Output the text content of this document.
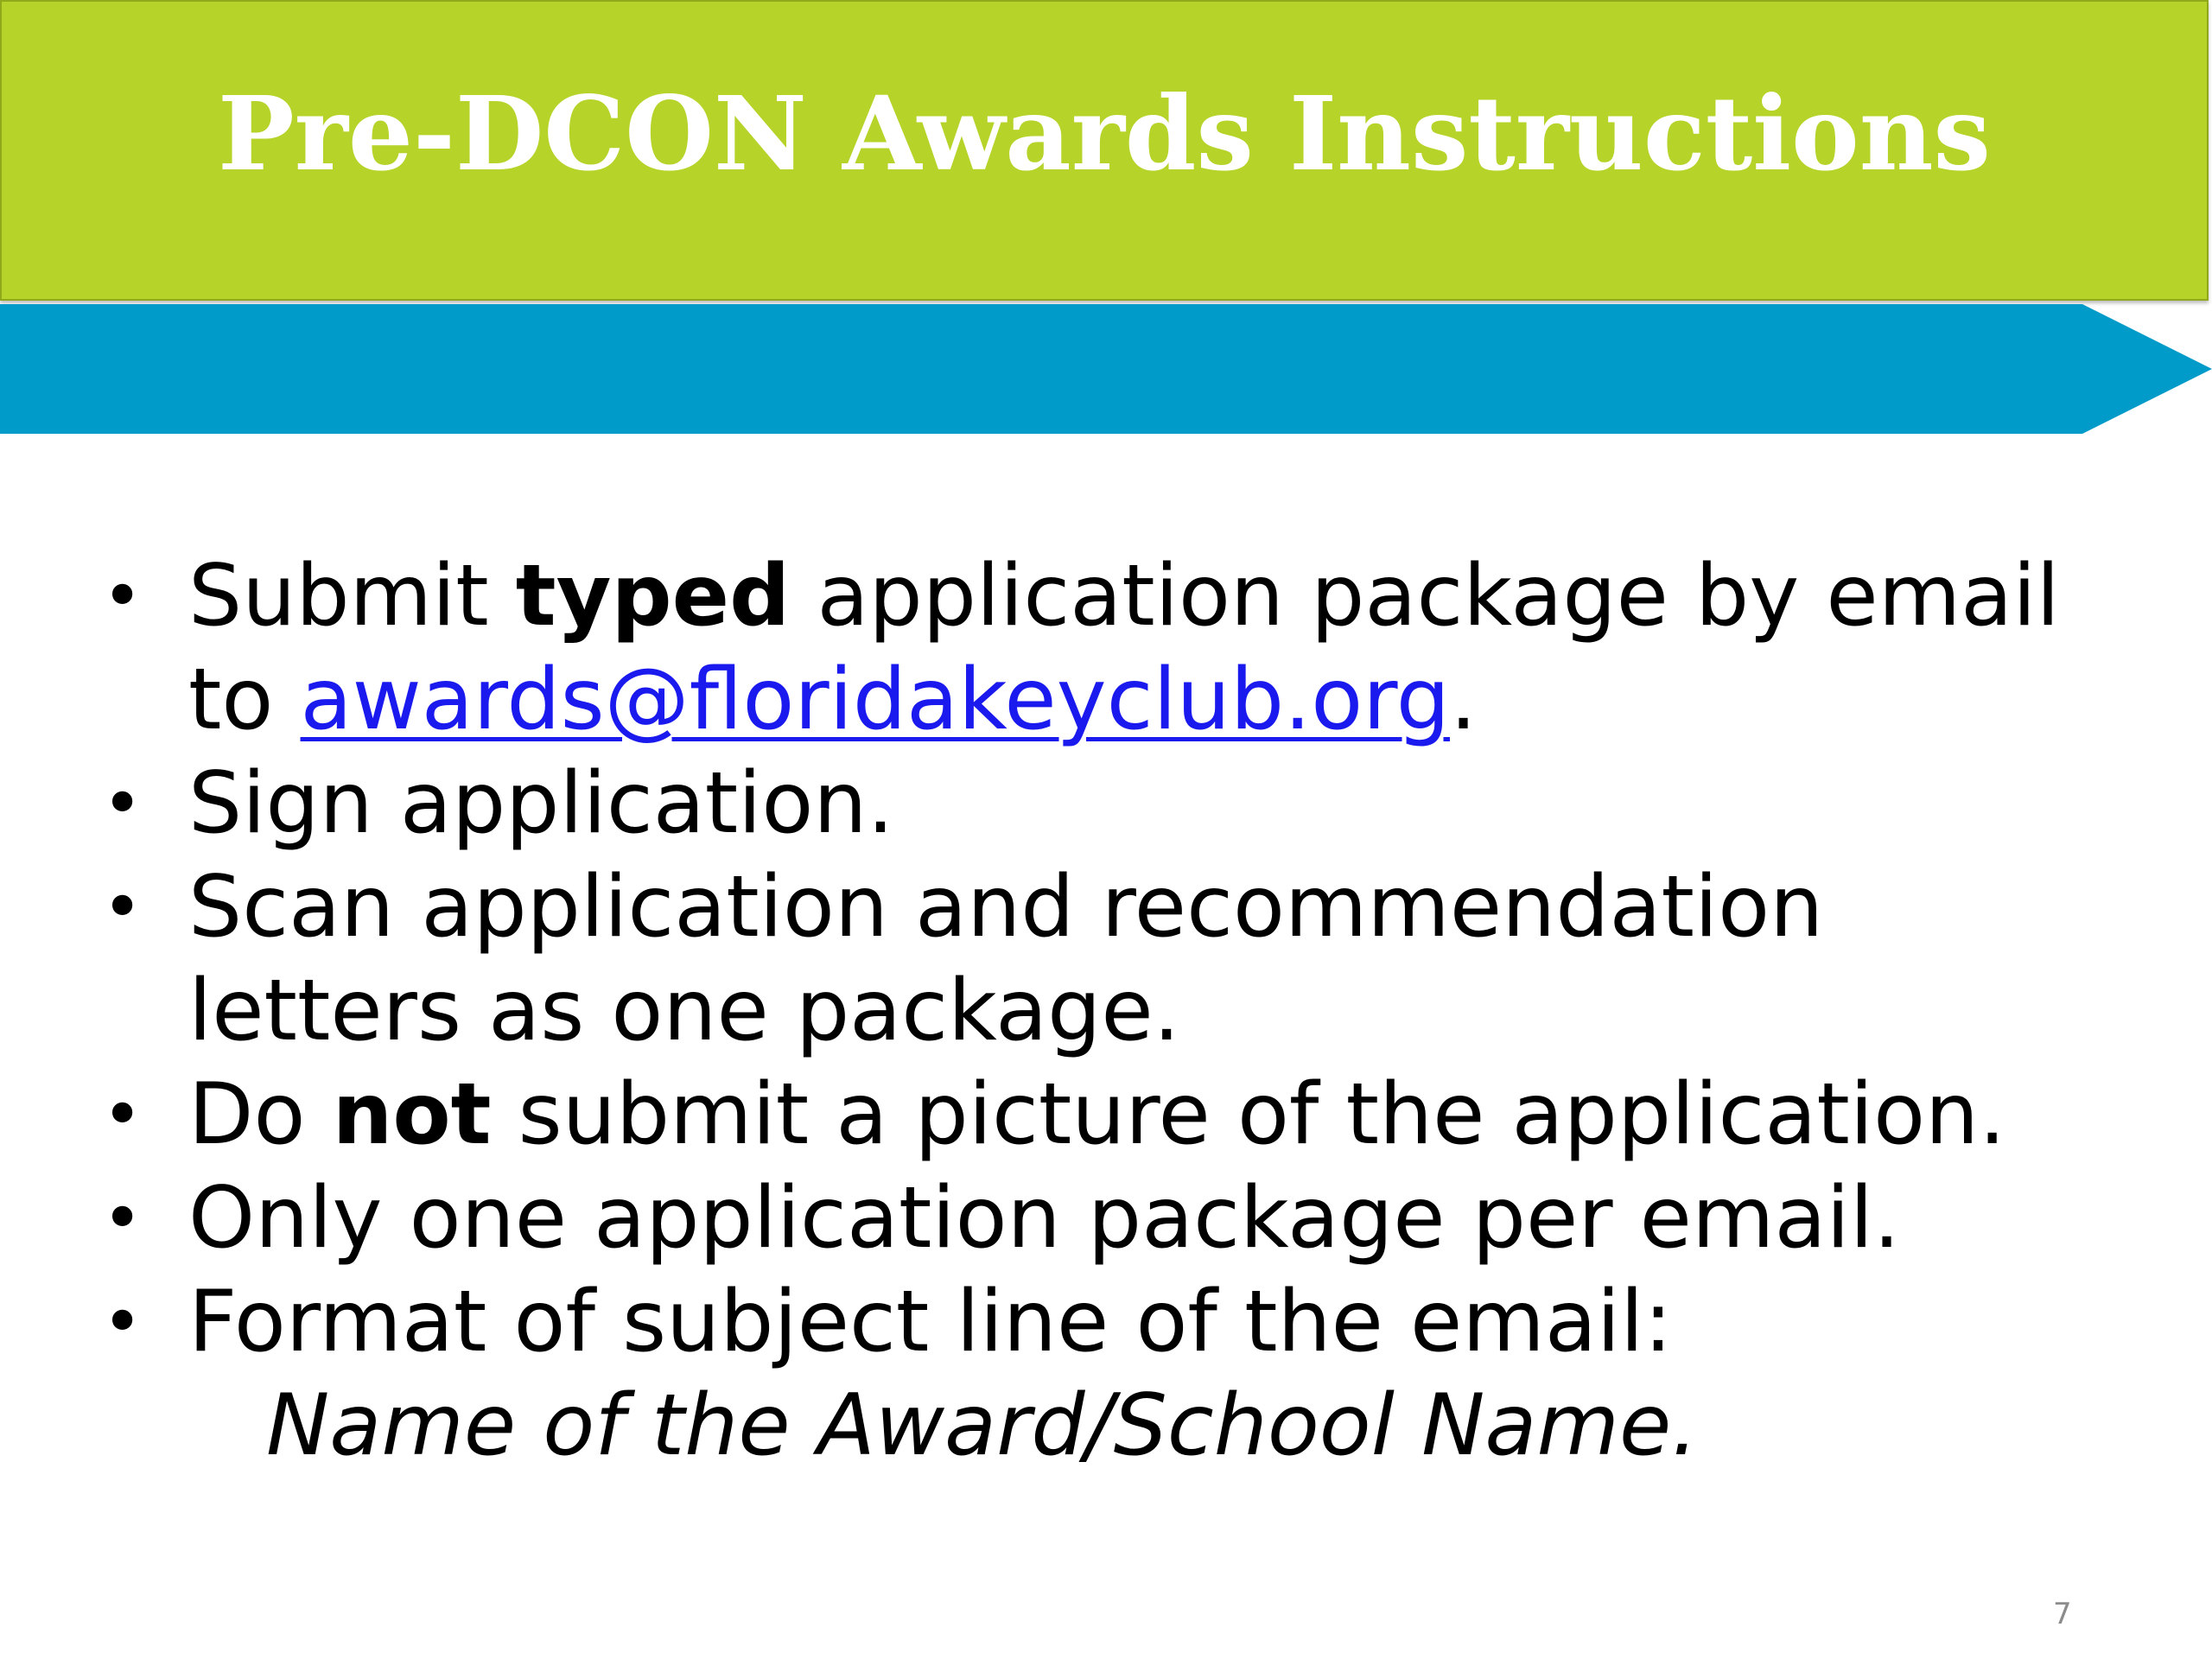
Pre-DCON Awards Instructions
• Submit typed application package by email to awards@floridakeyclub.org.
• Sign application.
• Scan application and recommendation letters as one package.
• Do not submit a picture of the application.
• Only one application package per email.
• Format of subject line of the email:
Name of the Award/School Name.
7
